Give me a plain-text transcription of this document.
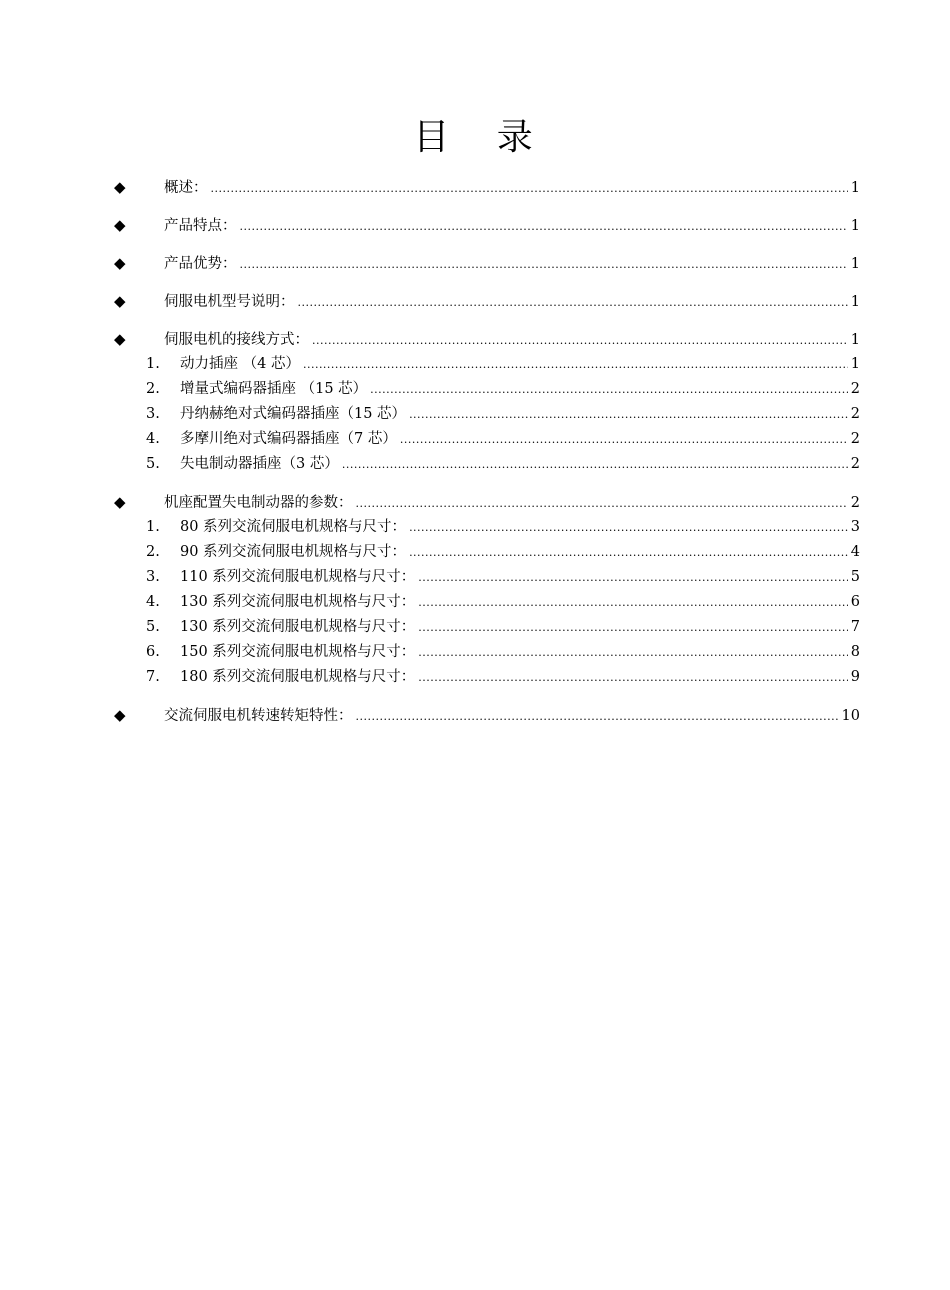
目 录
◆	概述： .....	1
◆	产品特点： .....	1
◆	产品优势： .....	1
◆	伺服电机型号说明： .....	1
◆	伺服电机的接线方式： .....	1
1.	动力插座 （4 芯） .....	1
2.	增量式编码器插座 （15 芯） .....	2
3.	丹纳赫绝对式编码器插座（15 芯） .....	2
4.	多摩川绝对式编码器插座（7 芯） .....	2
5.	失电制动器插座（3 芯） .....	2
◆	机座配置失电制动器的参数： .....	2
1.	80 系列交流伺服电机规格与尺寸： .....	3
2.	90 系列交流伺服电机规格与尺寸： .....	4
3.	110 系列交流伺服电机规格与尺寸： .....	5
4.	130 系列交流伺服电机规格与尺寸： .....	6
5.	130 系列交流伺服电机规格与尺寸： .....	7
6.	150 系列交流伺服电机规格与尺寸： .....	8
7.	180 系列交流伺服电机规格与尺寸： .....	9
◆	交流伺服电机转速转矩特性： .....	10
